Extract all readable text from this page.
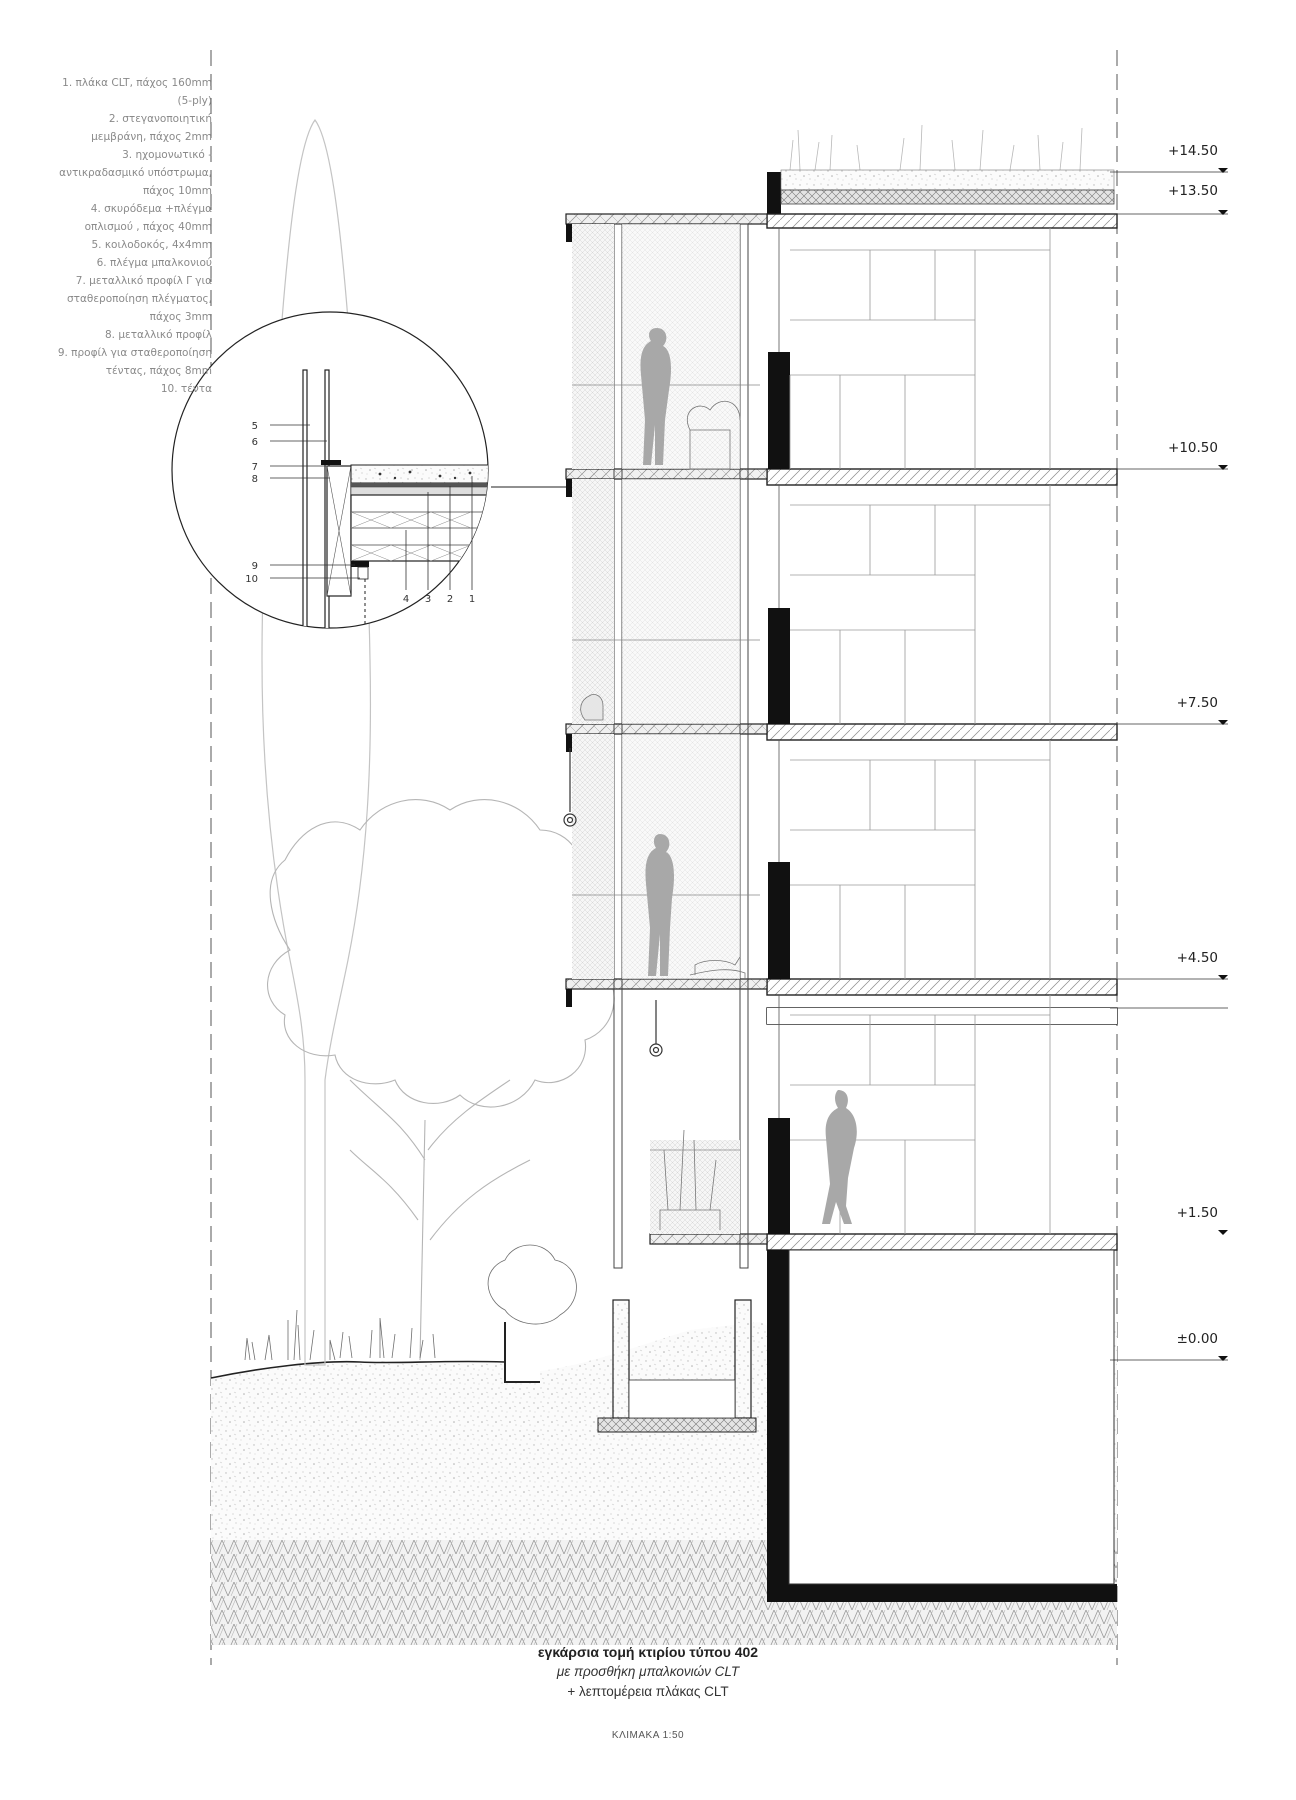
5
6
7
8
9
10
4 3 2 1
1. πλάκα CLT, πάχος 160mm
(5-ply)
2. στεγανοποιητική
μεμβράνη, πάχος 2mm
3. ηχομονωτικό -
αντικραδασμικό υπόστρωμα,
πάχος 10mm
4. σκυρόδεμα +πλέγμα
οπλισμού , πάχος 40mm
5. κοιλοδοκός, 4x4mm
6. πλέγμα μπαλκονιού
7. μεταλλικό προφίλ Γ για
σταθεροποίηση πλέγματος,
πάχος 3mm
8. μεταλλικό προφίλ
9. προφίλ για σταθεροποίηση
τέντας, πάχος 8mm
10. τέντα
+14.50
+13.50
+10.50
+7.50
+4.50
+1.50
±0.00
εγκάρσια τομή κτιρίου τύπου 402
με προσθήκη μπαλκονιών CLT
+ λεπτομέρεια πλάκας CLT
ΚΛΙΜΑΚΑ 1:50
